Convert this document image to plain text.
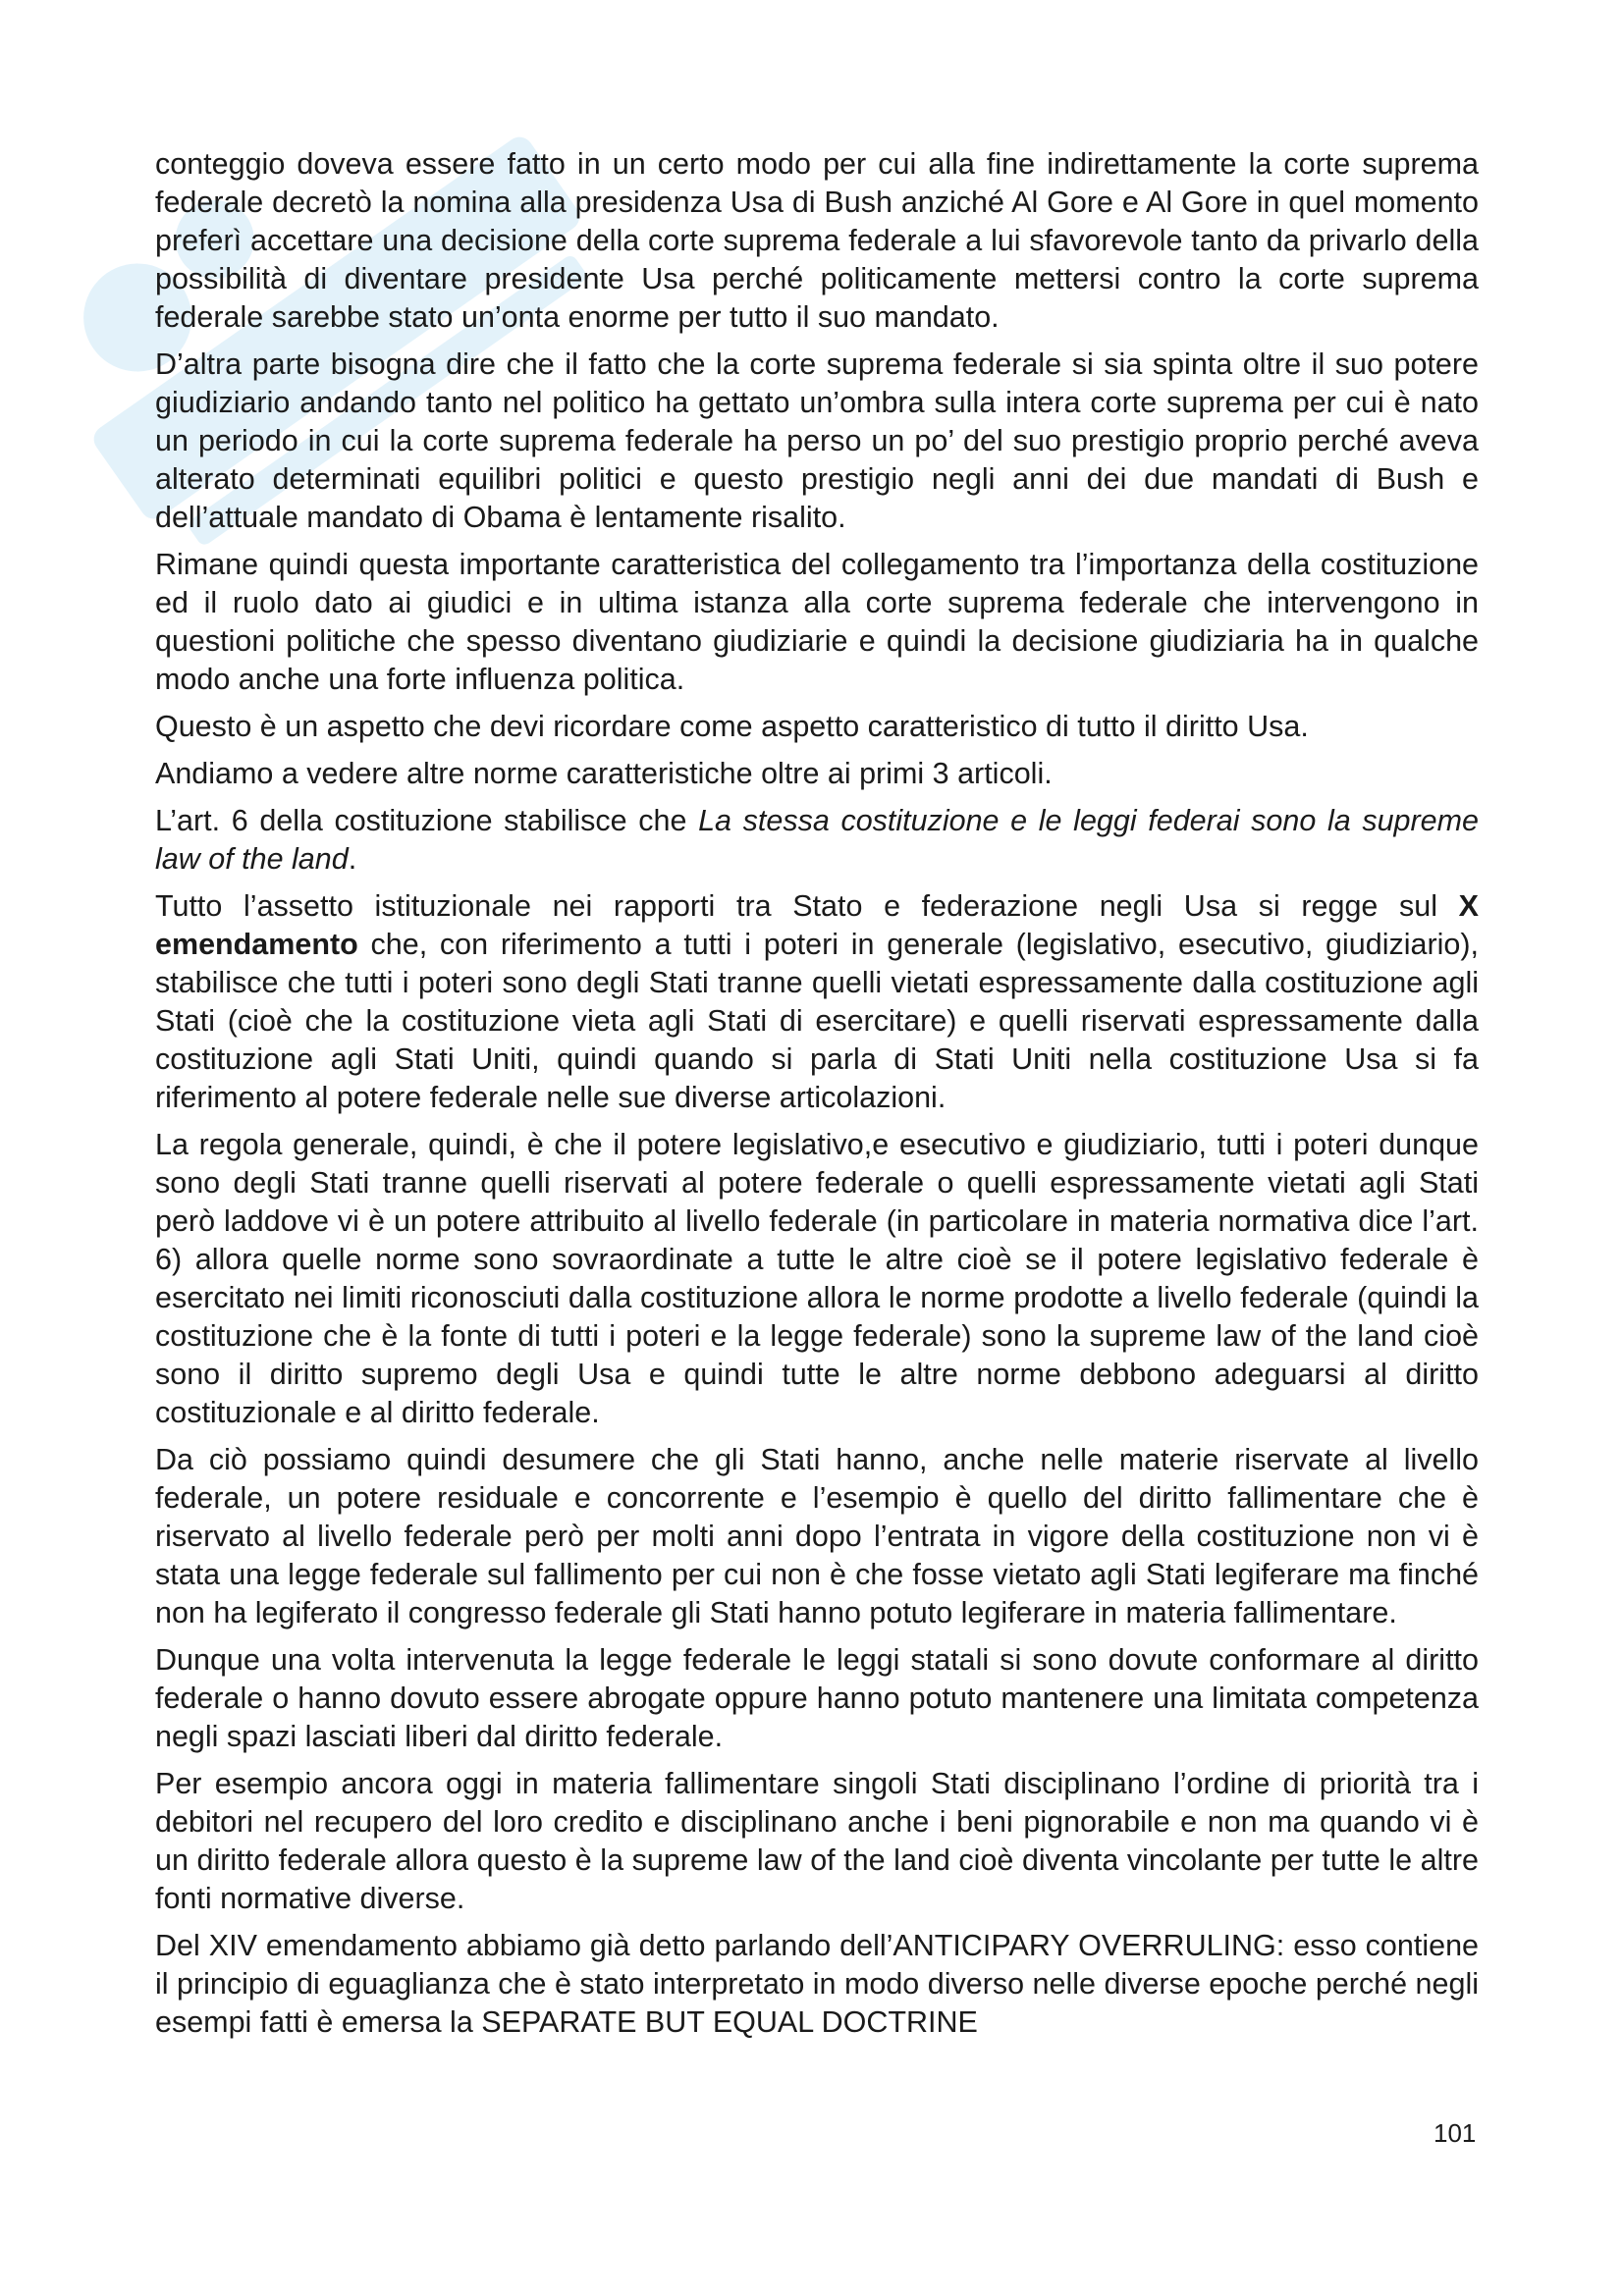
conteggio doveva essere fatto in un certo modo per cui alla fine indirettamente la corte suprema federale decretò la nomina alla presidenza Usa di Bush anziché Al Gore e Al Gore in quel momento preferì accettare una decisione della corte suprema federale a lui sfavorevole tanto da privarlo della possibilità di diventare presidente Usa perché politicamente mettersi contro la corte suprema federale sarebbe stato un’onta enorme per tutto il suo mandato.

D’altra parte bisogna dire che il fatto che la corte suprema federale si sia spinta oltre il suo potere giudiziario andando tanto nel politico ha gettato un’ombra sulla intera corte suprema per cui è nato un periodo in cui la corte suprema federale ha perso un po’ del suo prestigio proprio perché aveva alterato determinati equilibri politici e questo prestigio negli anni dei due mandati di Bush e dell’attuale mandato di Obama è lentamente risalito.

Rimane quindi questa importante caratteristica del collegamento tra l’importanza della costituzione ed il ruolo dato ai giudici e in ultima istanza alla corte suprema federale che intervengono in questioni politiche che spesso diventano giudiziarie e quindi la decisione giudiziaria ha in qualche modo anche una forte influenza politica.

Questo è un aspetto che devi ricordare come aspetto caratteristico di tutto il diritto Usa.

Andiamo a vedere altre norme caratteristiche oltre ai primi 3 articoli.

L’art. 6 della costituzione stabilisce che La stessa costituzione e le leggi federai sono la supreme law of the land.

Tutto l’assetto istituzionale nei rapporti tra Stato e federazione negli Usa si regge sul X emendamento che, con riferimento a tutti i poteri in generale (legislativo, esecutivo, giudiziario), stabilisce che tutti i poteri sono degli Stati tranne quelli vietati espressamente dalla costituzione agli Stati (cioè che la costituzione vieta agli Stati di esercitare) e quelli riservati espressamente dalla costituzione agli Stati Uniti, quindi quando si parla di Stati Uniti nella costituzione Usa si fa riferimento al potere federale nelle sue diverse articolazioni.

La regola generale, quindi, è che il potere legislativo,e esecutivo e giudiziario, tutti i poteri dunque sono degli Stati tranne quelli riservati al potere federale o quelli espressamente vietati agli Stati però laddove vi è un potere attribuito al livello federale (in particolare in materia normativa dice l’art. 6) allora quelle norme sono sovraordinate a tutte le altre cioè se il potere legislativo federale è esercitato nei limiti riconosciuti dalla costituzione allora le norme prodotte a livello federale (quindi la costituzione che è la fonte di tutti i poteri e la legge federale) sono la supreme law of the land cioè sono il diritto supremo degli Usa e quindi tutte le altre norme debbono adeguarsi al diritto costituzionale e al diritto federale.

Da ciò possiamo quindi desumere che gli Stati hanno, anche nelle materie riservate al livello federale, un potere residuale e concorrente e l’esempio è quello del diritto fallimentare che è riservato al livello federale però per molti anni dopo l’entrata in vigore della costituzione non vi è stata una legge federale sul fallimento per cui non è che fosse vietato agli Stati legiferare ma finché non ha legiferato il congresso federale gli Stati hanno potuto legiferare in materia fallimentare.

Dunque una volta intervenuta la legge federale le leggi statali si sono dovute conformare al diritto federale o hanno dovuto essere abrogate oppure hanno potuto mantenere una limitata competenza negli spazi lasciati liberi dal diritto federale.

Per esempio ancora oggi in materia fallimentare singoli Stati disciplinano l’ordine di priorità tra i debitori nel recupero del loro credito e disciplinano anche i beni pignorabile e non ma quando vi è un diritto federale allora questo è la supreme law of the land cioè diventa vincolante per tutte le altre fonti normative diverse.

Del XIV emendamento abbiamo già detto parlando dell’ANTICIPARY OVERRULING: esso contiene il principio di eguaglianza che è stato interpretato in modo diverso nelle diverse epoche perché negli esempi fatti è emersa la SEPARATE BUT EQUAL DOCTRINE

101
